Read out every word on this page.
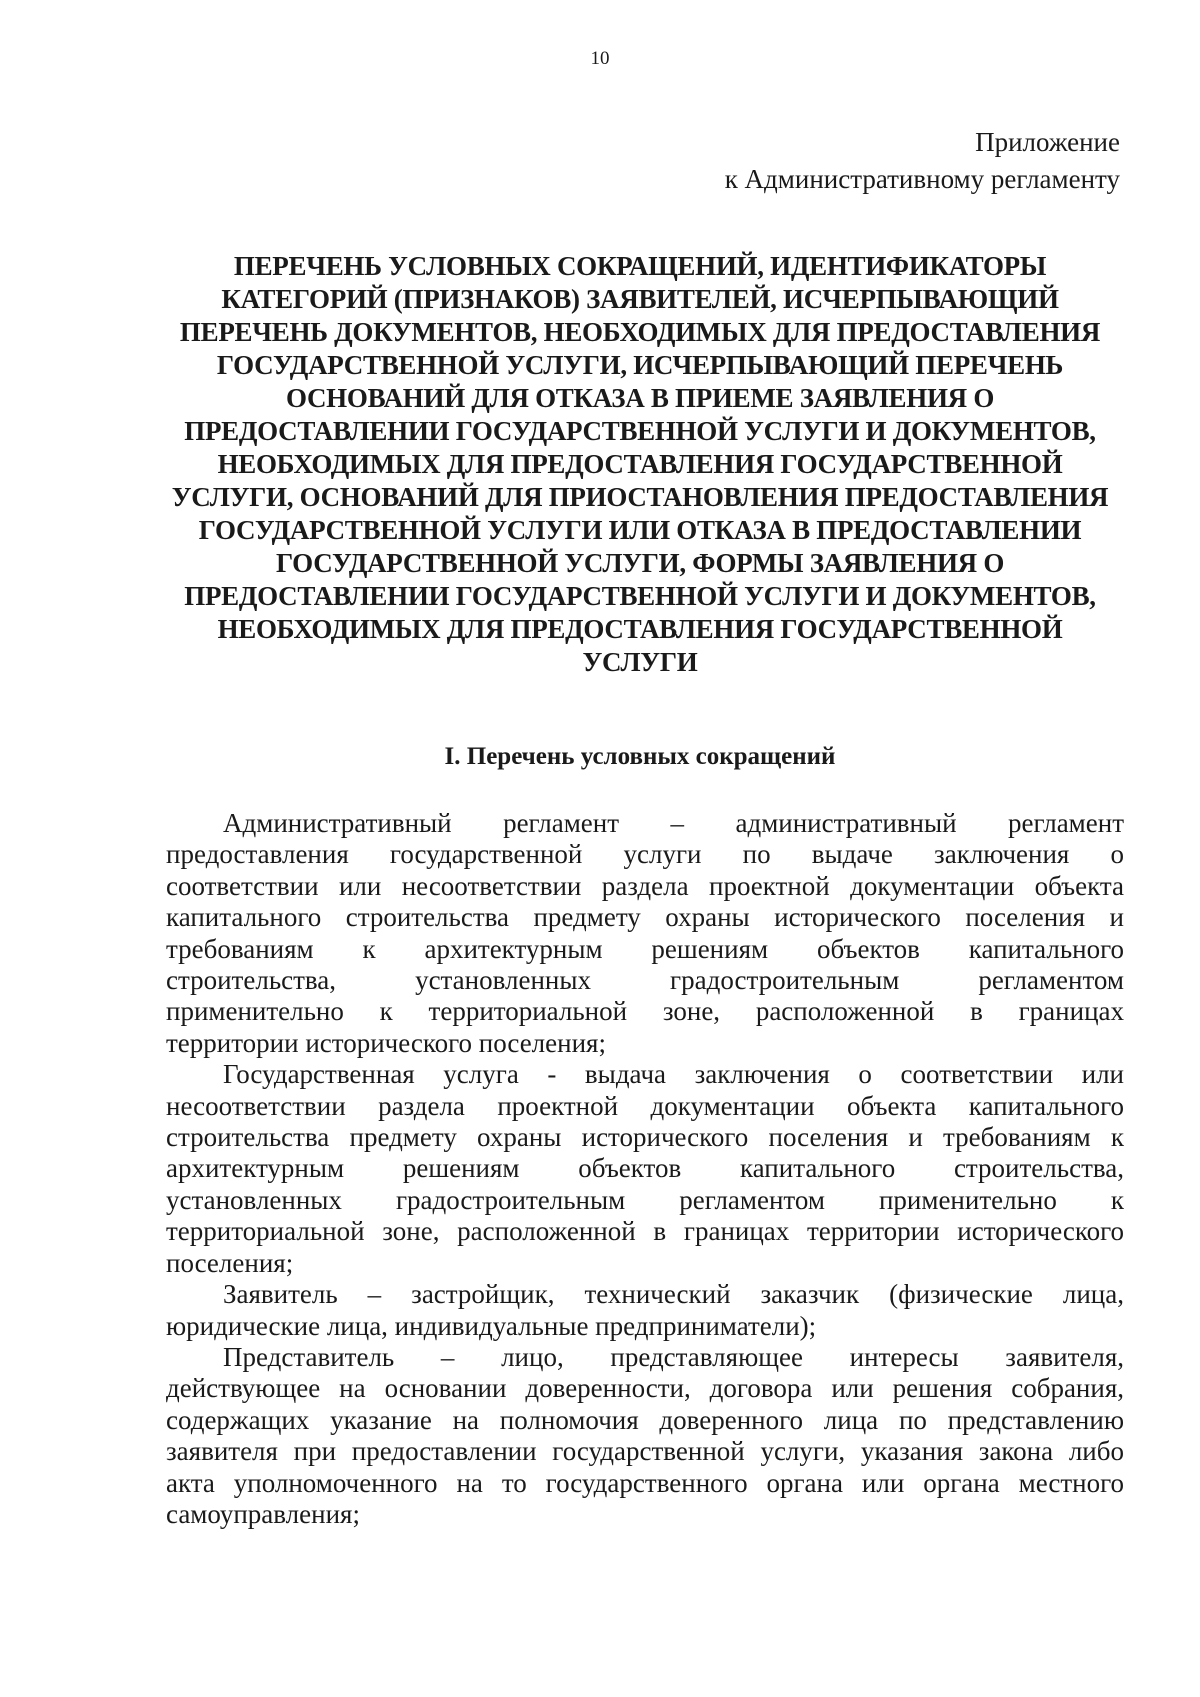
10
Приложение
к Административному регламенту
ПЕРЕЧЕНЬ УСЛОВНЫХ СОКРАЩЕНИЙ, ИДЕНТИФИКАТОРЫ
КАТЕГОРИЙ (ПРИЗНАКОВ) ЗАЯВИТЕЛЕЙ, ИСЧЕРПЫВАЮЩИЙ
ПЕРЕЧЕНЬ ДОКУМЕНТОВ, НЕОБХОДИМЫХ ДЛЯ ПРЕДОСТАВЛЕНИЯ
ГОСУДАРСТВЕННОЙ УСЛУГИ, ИСЧЕРПЫВАЮЩИЙ ПЕРЕЧЕНЬ
ОСНОВАНИЙ ДЛЯ ОТКАЗА В ПРИЕМЕ ЗАЯВЛЕНИЯ О
ПРЕДОСТАВЛЕНИИ ГОСУДАРСТВЕННОЙ УСЛУГИ И ДОКУМЕНТОВ,
НЕОБХОДИМЫХ ДЛЯ ПРЕДОСТАВЛЕНИЯ ГОСУДАРСТВЕННОЙ
УСЛУГИ, ОСНОВАНИЙ ДЛЯ ПРИОСТАНОВЛЕНИЯ ПРЕДОСТАВЛЕНИЯ
ГОСУДАРСТВЕННОЙ УСЛУГИ ИЛИ ОТКАЗА В ПРЕДОСТАВЛЕНИИ
ГОСУДАРСТВЕННОЙ УСЛУГИ, ФОРМЫ ЗАЯВЛЕНИЯ О
ПРЕДОСТАВЛЕНИИ ГОСУДАРСТВЕННОЙ УСЛУГИ И ДОКУМЕНТОВ,
НЕОБХОДИМЫХ ДЛЯ ПРЕДОСТАВЛЕНИЯ ГОСУДАРСТВЕННОЙ
УСЛУГИ
I. Перечень условных сокращений
Административный регламент – административный регламент
предоставления государственной услуги по выдаче заключения о
соответствии или несоответствии раздела проектной документации объекта
капитального строительства предмету охраны исторического поселения и
требованиям к архитектурным решениям объектов капитального
строительства, установленных градостроительным регламентом
применительно к территориальной зоне, расположенной в границах
территории исторического поселения;
Государственная услуга - выдача заключения о соответствии или
несоответствии раздела проектной документации объекта капитального
строительства предмету охраны исторического поселения и требованиям к
архитектурным решениям объектов капитального строительства,
установленных градостроительным регламентом применительно к
территориальной зоне, расположенной в границах территории исторического
поселения;
Заявитель – застройщик, технический заказчик (физические лица,
юридические лица, индивидуальные предприниматели);
Представитель – лицо, представляющее интересы заявителя,
действующее на основании доверенности, договора или решения собрания,
содержащих указание на полномочия доверенного лица по представлению
заявителя при предоставлении государственной услуги, указания закона либо
акта уполномоченного на то государственного органа или органа местного
самоуправления;
